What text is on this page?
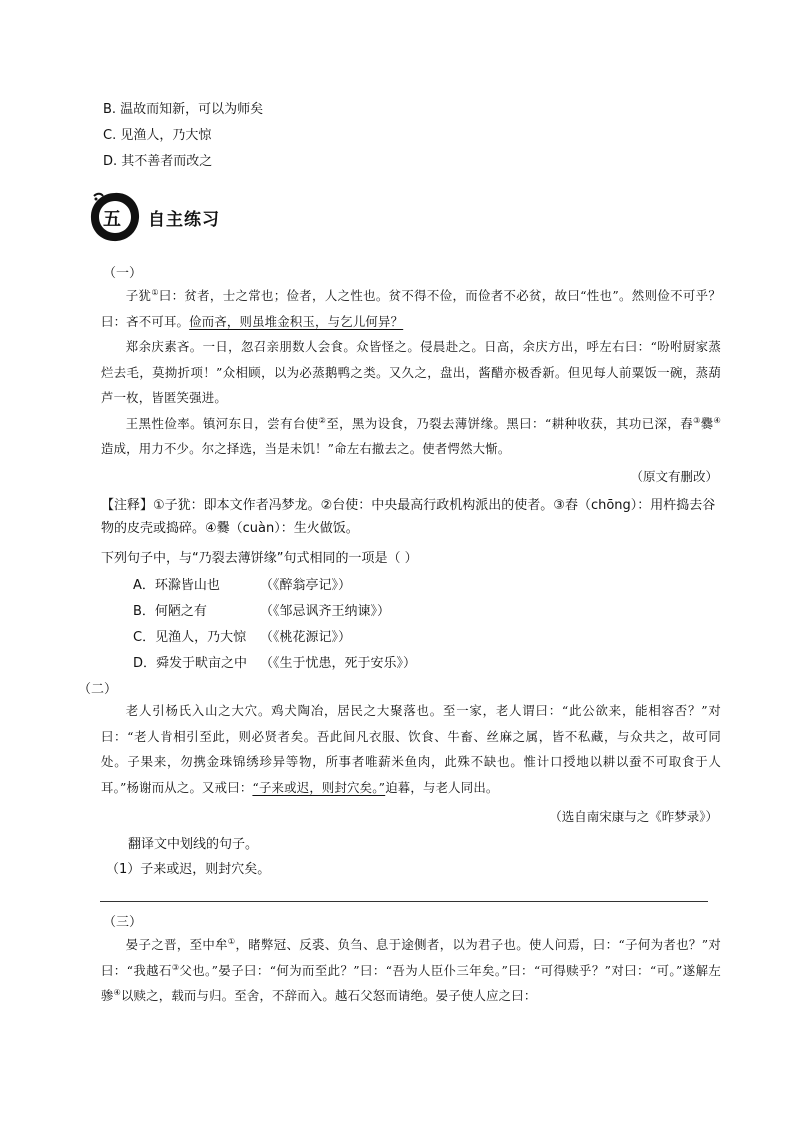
B. 温故而知新，可以为师矣
C. 见渔人，乃大惊
D. 其不善者而改之
五 自主练习
（一）

子犹①曰：贫者，士之常也；俭者，人之性也。贫不得不俭，而俭者不必贫，故曰“性也”。然则俭不可乎？曰：吝不可耳。俭而吝，则虽堆金积玉，与乞儿何异？

郑余庆素吝。一日，忽召亲朋数人会食。众皆怪之。侵晨赴之。日高，余庆方出，呼左右曰：“吩咐厨家蒸烂去毛，莫拗折项！”众相顾，以为必蒸鹅鸭之类。又久之，盘出，酱醋亦极香新。但见每人前粟饭一碗，蒸葫芦一枚，皆匿笑强进。

王黑性俭率。镇河东日，尝有台使②至，黑为设食，乃裂去薄饼缘。黑曰：“耕种收获，其功已深，舂③爨④造成，用力不少。尔之择选，当是未饥！”命左右撤去之。使者愕然大惭。

（原文有删改）
【注释】①子犹：即本文作者冯梦龙。②台使：中央最高行政机构派出的使者。③舂（chōng）：用杵捣去谷物的皮壳或捣碎。④爨（cuàn）：生火做饭。
下列句子中，与“乃裂去薄饼缘”句式相同的一项是（ ）
A．环滁皆山也	（《醉翁亭记》）
B．何陋之有	（《邹忌讽齐王纳谏》）
C．见渔人，乃大惊 （《桃花源记》）
D．舜发于畎亩之中 （《生于忧患，死于安乐》）
（二）

老人引杨氏入山之大穴。鸡犬陶冶，居民之大聚落也。至一家，老人谓曰：“此公欲来，能相容否？”对曰：“老人肯相引至此，则必贤者矣。吾此间凡衣服、饮食、牛畜、丝麻之属，皆不私藏，与众共之，故可同处。子果来，勿携金珠锦绣珍异等物，所事者唯薪米鱼肉，此殊不缺也。惟计口授地以耕以蚕不可取食于人耳。”杨谢而从之。又戒曰：“子来或迟，则封穴矣。”迫暮，与老人同出。

（选自南宋康与之《昨梦录》）
翻译文中划线的句子。
（1）子来或迟，则封穴矣。
（三）

晏子之晋，至中牟①，睹弊冠、反裘、负刍、息于途侧者，以为君子也。使人问焉，曰：“子何为者也？”对曰：“我越石③父也。”晏子曰：“何为而至此？”曰：“吾为人臣仆三年矣。”曰：“可得赎乎？”对曰：“可。”遂解左骖④以赎之，载而与归。至舍，不辞而入。越石父怒而请绝。晏子使人应之曰：
